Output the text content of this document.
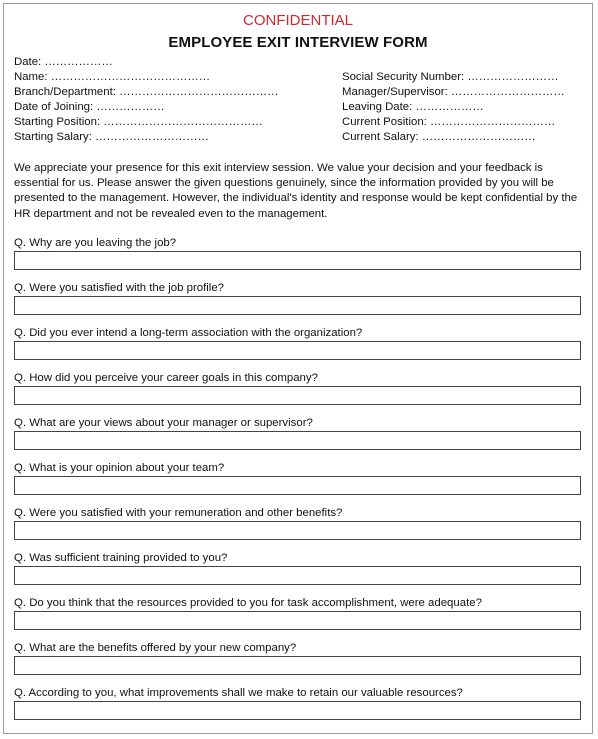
CONFIDENTIAL
EMPLOYEE EXIT INTERVIEW FORM
Date: ………………
Name: ……………………………………
Branch/Department: ……………………………………
Date of Joining: ………………
Starting Position: ……………………………………
Starting Salary: …………………………
Social Security Number: ……………………
Manager/Supervisor: …………………………
Leaving Date: ………………
Current Position: ……………………………
Current Salary: …………………………
We appreciate your presence for this exit interview session. We value your decision and your feedback is essential for us. Please answer the given questions genuinely, since the information provided by you will be presented to the management. However, the individual's identity and response would be kept confidential by the HR department and not be revealed even to the management.
Q. Why are you leaving the job?
Q. Were you satisfied with the job profile?
Q. Did you ever intend a long-term association with the organization?
Q. How did you perceive your career goals in this company?
Q. What are your views about your manager or supervisor?
Q. What is your opinion about your team?
Q. Were you satisfied with your remuneration and other benefits?
Q. Was sufficient training provided to you?
Q. Do you think that the resources provided to you for task accomplishment, were adequate?
Q. What are the benefits offered by your new company?
Q. According to you, what improvements shall we make to retain our valuable resources?
